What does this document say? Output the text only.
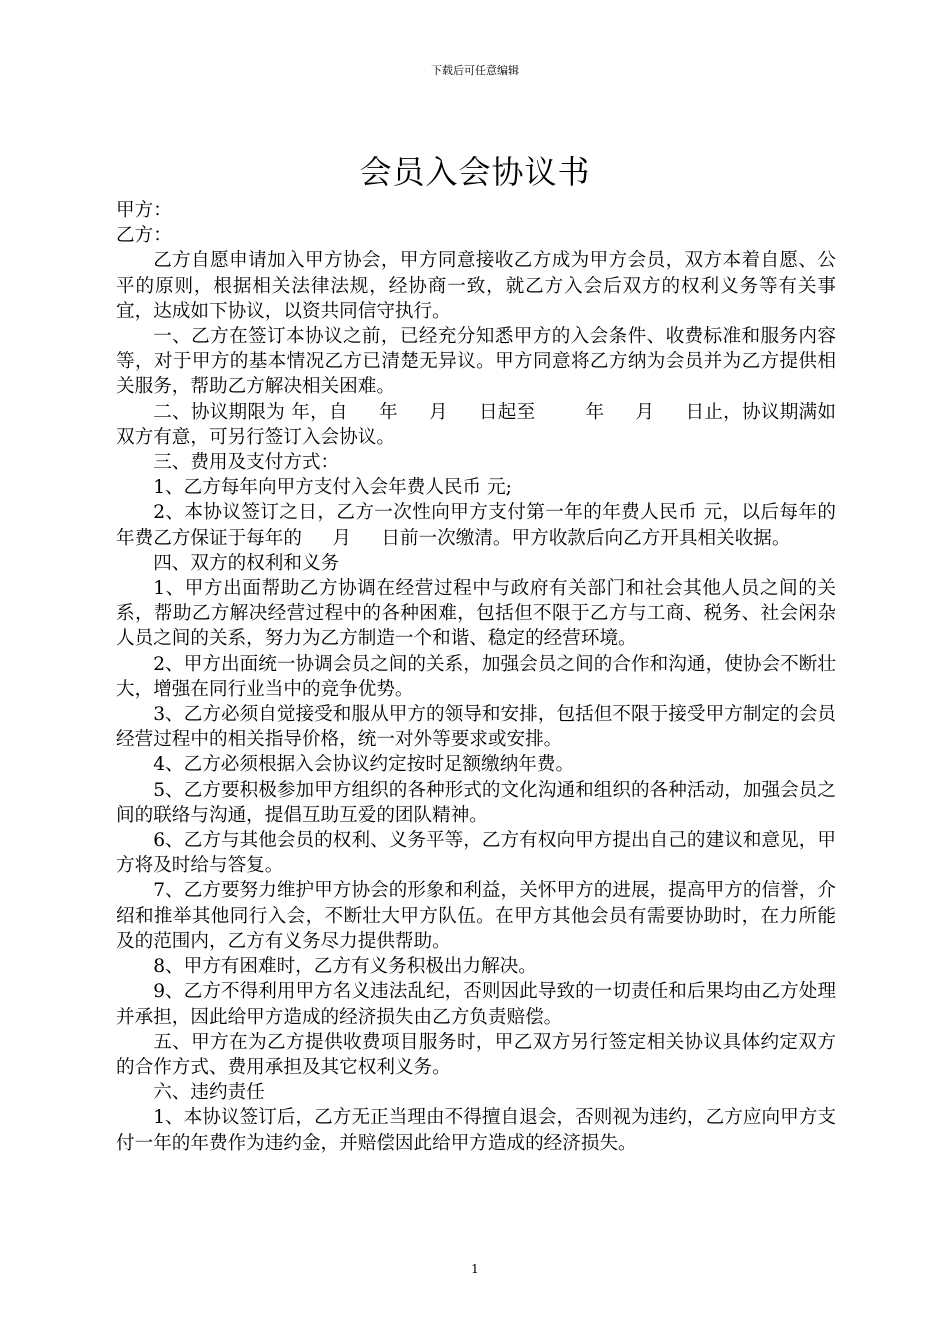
下载后可任意编辑
会员入会协议书

甲方：

乙方：

乙方自愿申请加入甲方协会，甲方同意接收乙方成为甲方会员，双方本着自愿、公平的原则，根据相关法律法规，经协商一致，就乙方入会后双方的权利义务等有关事宜，达成如下协议，以资共同信守执行。

一、乙方在签订本协议之前，已经充分知悉甲方的入会条件、收费标准和服务内容等，对于甲方的基本情况乙方已清楚无异议。甲方同意将乙方纳为会员并为乙方提供相关服务，帮助乙方解决相关困难。

二、协议期限为 年，自 　 年 　 月 　 日起至 　　 年 　 月 　 日止，协议期满如双方有意，可另行签订入会协议。

三、费用及支付方式：

1、乙方每年向甲方支付入会年费人民币 元;

2、本协议签订之日，乙方一次性向甲方支付第一年的年费人民币 元，以后每年的年费乙方保证于每年的 　 月 　 日前一次缴清。甲方收款后向乙方开具相关收据。

四、双方的权利和义务

1、甲方出面帮助乙方协调在经营过程中与政府有关部门和社会其他人员之间的关系，帮助乙方解决经营过程中的各种困难，包括但不限于乙方与工商、税务、社会闲杂人员之间的关系，努力为乙方制造一个和谐、稳定的经营环境。

2、甲方出面统一协调会员之间的关系，加强会员之间的合作和沟通，使协会不断壮大，增强在同行业当中的竞争优势。

3、乙方必须自觉接受和服从甲方的领导和安排，包括但不限于接受甲方制定的会员经营过程中的相关指导价格，统一对外等要求或安排。

4、乙方必须根据入会协议约定按时足额缴纳年费。

5、乙方要积极参加甲方组织的各种形式的文化沟通和组织的各种活动，加强会员之间的联络与沟通，提倡互助互爱的团队精神。

6、乙方与其他会员的权利、义务平等，乙方有权向甲方提出自己的建议和意见，甲方将及时给与答复。

7、乙方要努力维护甲方协会的形象和利益，关怀甲方的进展，提高甲方的信誉，介绍和推举其他同行入会，不断壮大甲方队伍。在甲方其他会员有需要协助时，在力所能及的范围内，乙方有义务尽力提供帮助。

8、甲方有困难时，乙方有义务积极出力解决。

9、乙方不得利用甲方名义违法乱纪，否则因此导致的一切责任和后果均由乙方处理并承担，因此给甲方造成的经济损失由乙方负责赔偿。

五、甲方在为乙方提供收费项目服务时，甲乙双方另行签定相关协议具体约定双方的合作方式、费用承担及其它权利义务。

六、违约责任

1、本协议签订后，乙方无正当理由不得擅自退会，否则视为违约，乙方应向甲方支付一年的年费作为违约金，并赔偿因此给甲方造成的经济损失。

1
